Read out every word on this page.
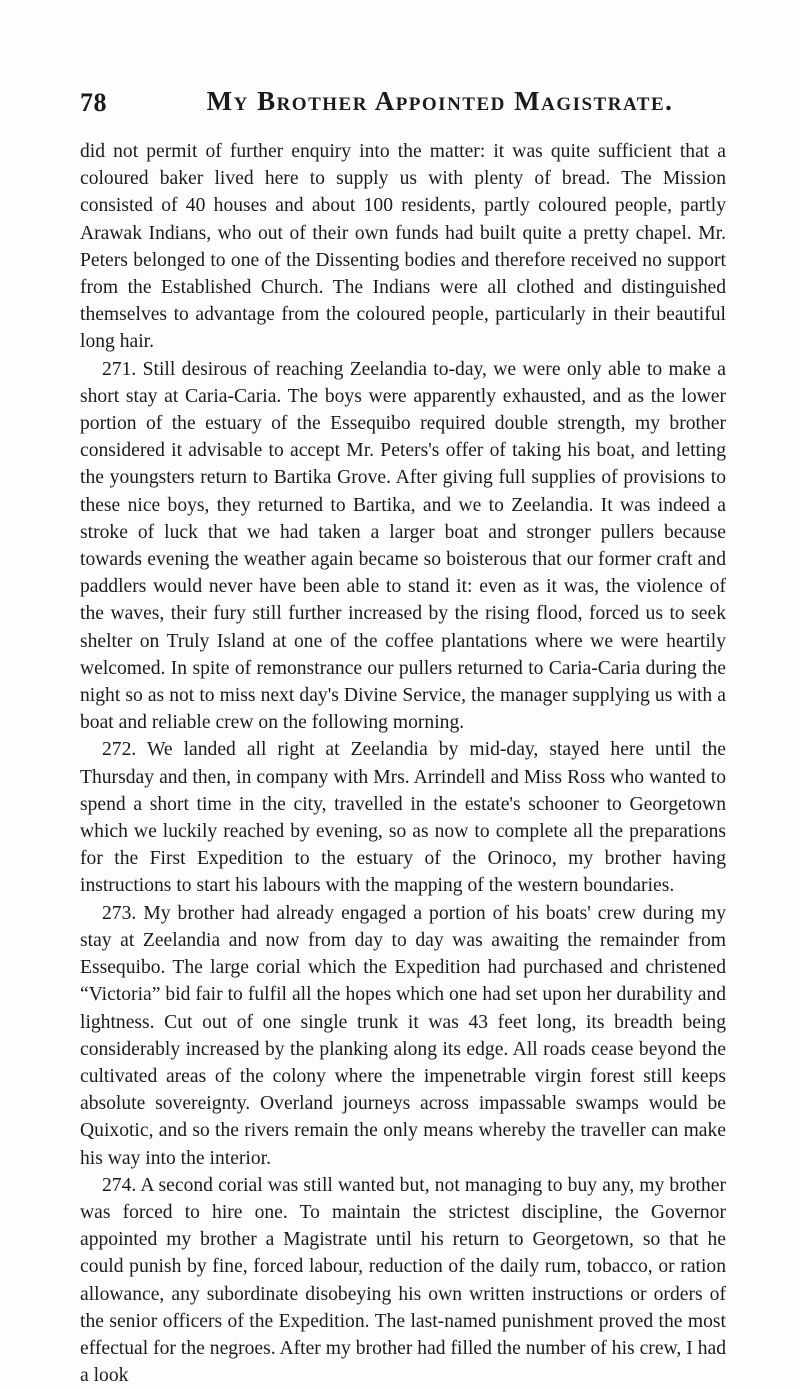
78	My Brother Appointed Magistrate.

did not permit of further enquiry into the matter: it was quite sufficient that a coloured baker lived here to supply us with plenty of bread. The Mission consisted of 40 houses and about 100 residents, partly coloured people, partly Arawak Indians, who out of their own funds had built quite a pretty chapel. Mr. Peters belonged to one of the Dissenting bodies and therefore received no support from the Established Church. The Indians were all clothed and distinguished themselves to advantage from the coloured people, particularly in their beautiful long hair.

271. Still desirous of reaching Zeelandia to-day, we were only able to make a short stay at Caria-Caria. The boys were apparently exhausted, and as the lower portion of the estuary of the Essequibo required double strength, my brother considered it advisable to accept Mr. Peters's offer of taking his boat, and letting the youngsters return to Bartika Grove. After giving full supplies of provisions to these nice boys, they returned to Bartika, and we to Zeelandia. It was indeed a stroke of luck that we had taken a larger boat and stronger pullers because towards evening the weather again became so boisterous that our former craft and paddlers would never have been able to stand it: even as it was, the violence of the waves, their fury still further increased by the rising flood, forced us to seek shelter on Truly Island at one of the coffee plantations where we were heartily welcomed. In spite of remonstrance our pullers returned to Caria-Caria during the night so as not to miss next day's Divine Service, the manager supplying us with a boat and reliable crew on the following morning.

272. We landed all right at Zeelandia by mid-day, stayed here until the Thursday and then, in company with Mrs. Arrindell and Miss Ross who wanted to spend a short time in the city, travelled in the estate's schooner to Georgetown which we luckily reached by evening, so as now to complete all the preparations for the First Expedition to the estuary of the Orinoco, my brother having instructions to start his labours with the mapping of the western boundaries.

273. My brother had already engaged a portion of his boats' crew during my stay at Zeelandia and now from day to day was awaiting the remainder from Essequibo. The large corial which the Expedition had purchased and christened “Victoria” bid fair to fulfil all the hopes which one had set upon her durability and lightness. Cut out of one single trunk it was 43 feet long, its breadth being considerably increased by the planking along its edge. All roads cease beyond the cultivated areas of the colony where the impenetrable virgin forest still keeps absolute sovereignty. Overland journeys across impassable swamps would be Quixotic, and so the rivers remain the only means whereby the traveller can make his way into the interior.

274. A second corial was still wanted but, not managing to buy any, my brother was forced to hire one. To maintain the strictest discipline, the Governor appointed my brother a Magistrate until his return to Georgetown, so that he could punish by fine, forced labour, reduction of the daily rum, tobacco, or ration allowance, any subordinate disobeying his own written instructions or orders of the senior officers of the Expedition. The last-named punishment proved the most effectual for the negroes. After my brother had filled the number of his crew, I had a look
